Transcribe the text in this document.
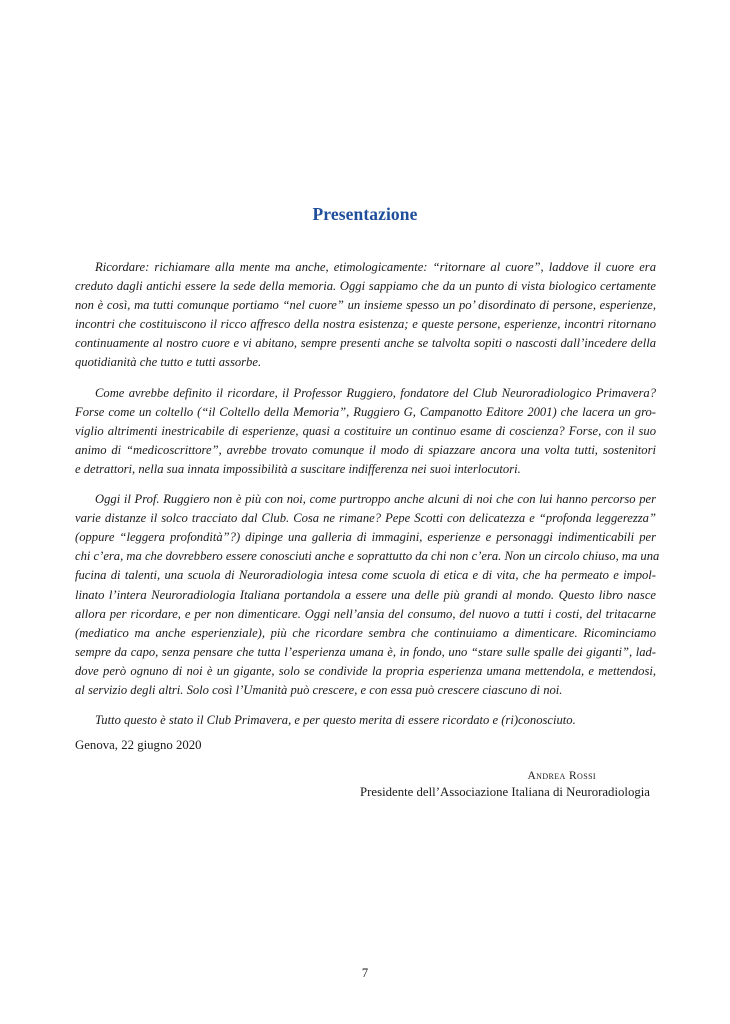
Presentazione

Ricordare: richiamare alla mente ma anche, etimologicamente: “ritornare al cuore”, laddove il cuore era
creduto dagli antichi essere la sede della memoria. Oggi sappiamo che da un punto di vista biologico certamente
non è così, ma tutti comunque portiamo “nel cuore” un insieme spesso un po’ disordinato di persone, esperienze,
incontri che costituiscono il ricco affresco della nostra esistenza; e queste persone, esperienze, incontri ritornano
continuamente al nostro cuore e vi abitano, sempre presenti anche se talvolta sopiti o nascosti dall’incedere della
quotidianità che tutto e tutti assorbe.

Come avrebbe definito il ricordare, il Professor Ruggiero, fondatore del Club Neuroradiologico Primavera?
Forse come un coltello (“il Coltello della Memoria”, Ruggiero G, Campanotto Editore 2001) che lacera un gro-
viglio altrimenti inestricabile di esperienze, quasi a costituire un continuo esame di coscienza? Forse, con il suo
animo di “medicoscrittore”, avrebbe trovato comunque il modo di spiazzare ancora una volta tutti, sostenitori
e detrattori, nella sua innata impossibilità a suscitare indifferenza nei suoi interlocutori.

Oggi il Prof. Ruggiero non è più con noi, come purtroppo anche alcuni di noi che con lui hanno percorso per
varie distanze il solco tracciato dal Club. Cosa ne rimane? Pepe Scotti con delicatezza e “profonda leggerezza”
(oppure “leggera profondità”?) dipinge una galleria di immagini, esperienze e personaggi indimenticabili per
chi c’era, ma che dovrebbero essere conosciuti anche e soprattutto da chi non c’era. Non un circolo chiuso, ma una
fucina di talenti, una scuola di Neuroradiologia intesa come scuola di etica e di vita, che ha permeato e impol-
linato l’intera Neuroradiologia Italiana portandola a essere una delle più grandi al mondo. Questo libro nasce
allora per ricordare, e per non dimenticare. Oggi nell’ansia del consumo, del nuovo a tutti i costi, del tritacarne
(mediatico ma anche esperienziale), più che ricordare sembra che continuiamo a dimenticare. Ricominciamo
sempre da capo, senza pensare che tutta l’esperienza umana è, in fondo, uno “stare sulle spalle dei giganti”, lad-
dove però ognuno di noi è un gigante, solo se condivide la propria esperienza umana mettendola, e mettendosi,
al servizio degli altri. Solo così l’Umanità può crescere, e con essa può crescere ciascuno di noi.

Tutto questo è stato il Club Primavera, e per questo merita di essere ricordato e (ri)conosciuto.

Genova, 22 giugno 2020
Andrea Rossi
Presidente dell’Associazione Italiana di Neuroradiologia
7
